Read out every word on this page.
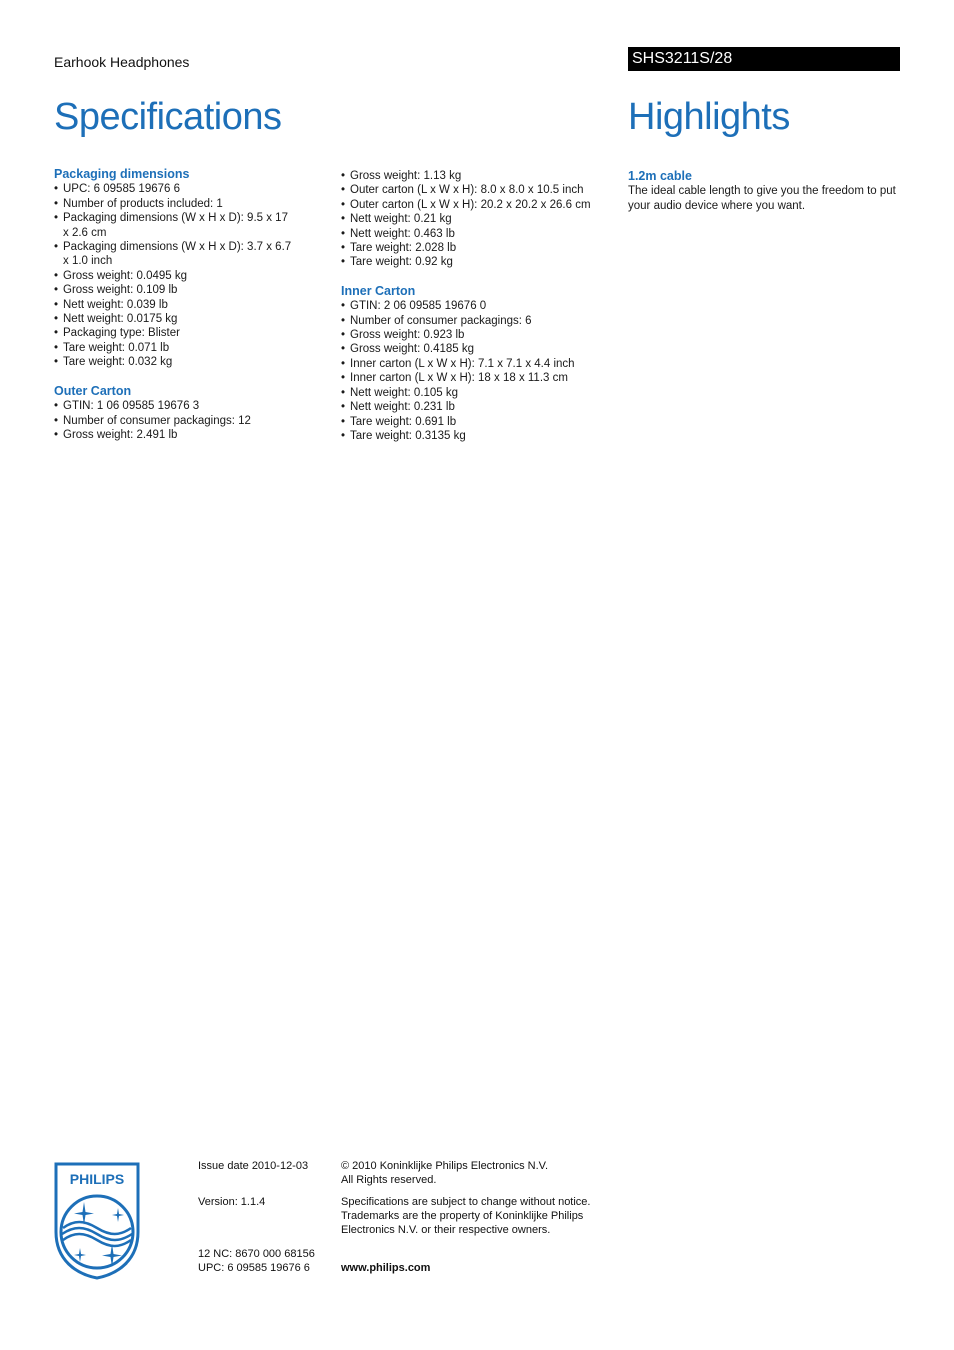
Earhook Headphones	SHS3211S/28
Specifications	Highlights
Packaging dimensions
• UPC: 6 09585 19676 6
• Number of products included: 1
• Packaging dimensions (W x H x D): 9.5 x 17 x 2.6 cm
• Packaging dimensions (W x H x D): 3.7 x 6.7 x 1.0 inch
• Gross weight: 0.0495 kg
• Gross weight: 0.109 lb
• Nett weight: 0.039 lb
• Nett weight: 0.0175 kg
• Packaging type: Blister
• Tare weight: 0.071 lb
• Tare weight: 0.032 kg
Outer Carton
• GTIN: 1 06 09585 19676 3
• Number of consumer packagings: 12
• Gross weight: 2.491 lb
• Gross weight: 1.13 kg
• Outer carton (L x W x H): 8.0 x 8.0 x 10.5 inch
• Outer carton (L x W x H): 20.2 x 20.2 x 26.6 cm
• Nett weight: 0.21 kg
• Nett weight: 0.463 lb
• Tare weight: 2.028 lb
• Tare weight: 0.92 kg
Inner Carton
• GTIN: 2 06 09585 19676 0
• Number of consumer packagings: 6
• Gross weight: 0.923 lb
• Gross weight: 0.4185 kg
• Inner carton (L x W x H): 7.1 x 7.1 x 4.4 inch
• Inner carton (L x W x H): 18 x 18 x 11.3 cm
• Nett weight: 0.105 kg
• Nett weight: 0.231 lb
• Tare weight: 0.691 lb
• Tare weight: 0.3135 kg
1.2m cable

The ideal cable length to give you the freedom to put your audio device where you want.

PHILIPS
Issue date 2010-12-03
Version: 1.1.4
12 NC: 8670 000 68156
UPC: 6 09585 19676 6
© 2010 Koninklijke Philips Electronics N.V.
All Rights reserved.
Specifications are subject to change without notice.
Trademarks are the property of Koninklijke Philips
Electronics N.V. or their respective owners.
www.philips.com
